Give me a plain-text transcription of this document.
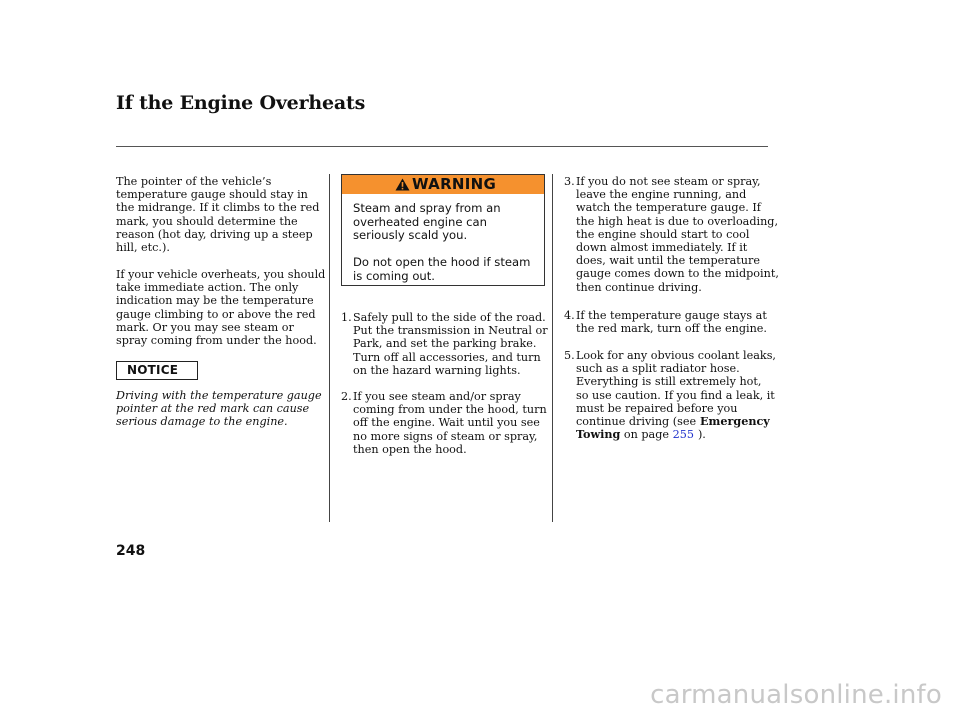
If the Engine Overheats

The pointer of the vehicle’s
temperature gauge should stay in
the midrange. If it climbs to the red
mark, you should determine the
reason (hot day, driving up a steep
hill, etc.).

If your vehicle overheats, you should
take immediate action. The only
indication may be the temperature
gauge climbing to or above the red
mark. Or you may see steam or
spray coming from under the hood.

NOTICE

Driving with the temperature gauge
pointer at the red mark can cause
serious damage to the engine.

WARNING

Steam and spray from an
overheated engine can
seriously scald you.

Do not open the hood if steam
is coming out.

1. Safely pull to the side of the road.
Put the transmission in Neutral or
Park, and set the parking brake.
Turn off all accessories, and turn
on the hazard warning lights.

2. If you see steam and/or spray
coming from under the hood, turn
off the engine. Wait until you see
no more signs of steam or spray,
then open the hood.

3. If you do not see steam or spray,
leave the engine running, and
watch the temperature gauge. If
the high heat is due to overloading,
the engine should start to cool
down almost immediately. If it
does, wait until the temperature
gauge comes down to the midpoint,
then continue driving.

4. If the temperature gauge stays at
the red mark, turn off the engine.

5. Look for any obvious coolant leaks,
such as a split radiator hose.
Everything is still extremely hot,
so use caution. If you find a leak, it
must be repaired before you
continue driving (see Emergency
Towing on page 255 ).
248
carmanualsonline.info
